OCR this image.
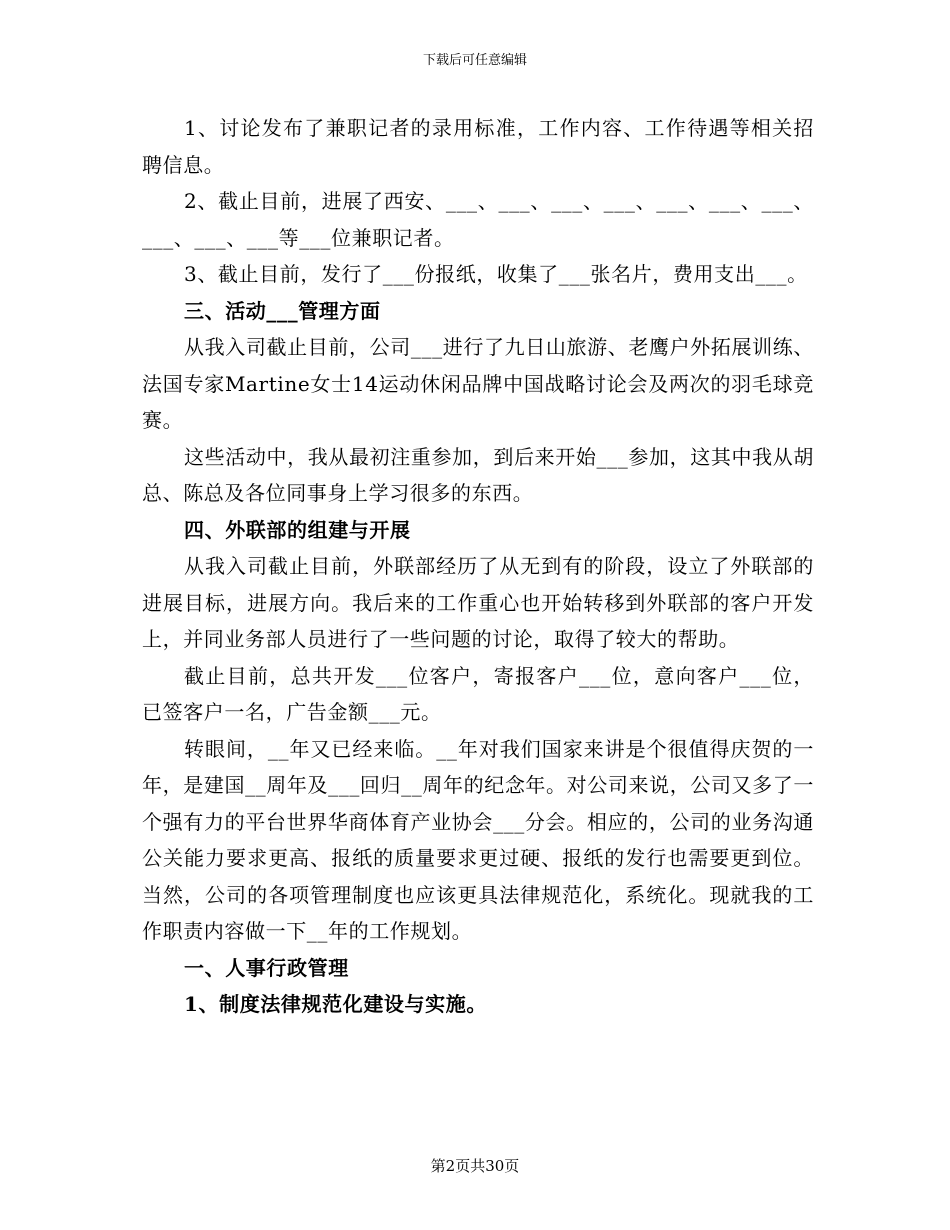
下载后可任意编辑

1、讨论发布了兼职记者的录用标准，工作内容、工作待遇等相关招聘信息。

2、截止目前，进展了西安、___、___、___、___、___、___、___、___、___、___等___位兼职记者。

3、截止目前，发行了___份报纸，收集了___张名片，费用支出___。

三、活动___管理方面

从我入司截止目前，公司___进行了九日山旅游、老鹰户外拓展训练、法国专家Martine女士14运动休闲品牌中国战略讨论会及两次的羽毛球竞赛。

这些活动中，我从最初注重参加，到后来开始___参加，这其中我从胡总、陈总及各位同事身上学习很多的东西。

四、外联部的组建与开展

从我入司截止目前，外联部经历了从无到有的阶段，设立了外联部的进展目标，进展方向。我后来的工作重心也开始转移到外联部的客户开发上，并同业务部人员进行了一些问题的讨论，取得了较大的帮助。

截止目前，总共开发___位客户，寄报客户___位，意向客户___位，已签客户一名，广告金额___元。

转眼间，__年又已经来临。__年对我们国家来讲是个很值得庆贺的一年，是建国__周年及___回归__周年的纪念年。对公司来说，公司又多了一个强有力的平台世界华商体育产业协会___分会。相应的，公司的业务沟通公关能力要求更高、报纸的质量要求更过硬、报纸的发行也需要更到位。当然，公司的各项管理制度也应该更具法律规范化，系统化。现就我的工作职责内容做一下__年的工作规划。

一、人事行政管理

1、制度法律规范化建设与实施。

第2页共30页
